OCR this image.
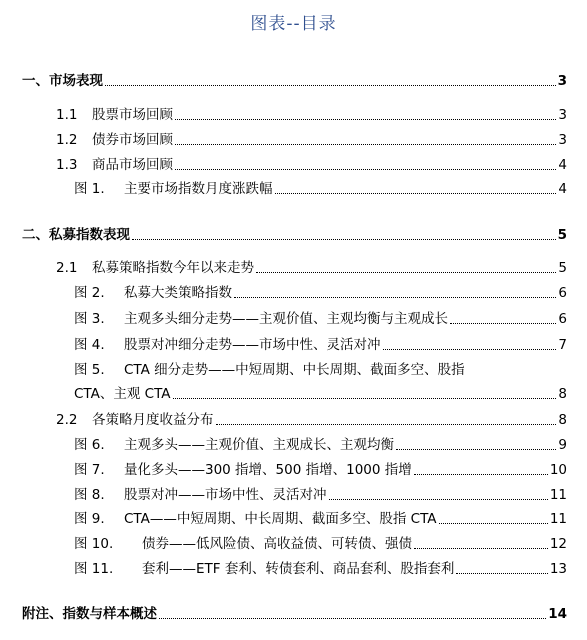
图表--目录
一、市场表现	3
1.1 股票市场回顾	3
1.2 债券市场回顾	3
1.3 商品市场回顾	4
图 1. 主要市场指数月度涨跌幅	4
二、私募指数表现	5
2.1 私募策略指数今年以来走势	5
图 2. 私募大类策略指数	6
图 3. 主观多头细分走势——主观价值、主观均衡与主观成长	6
图 4. 股票对冲细分走势——市场中性、灵活对冲	7
图 5. CTA 细分走势——中短周期、中长周期、截面多空、股指
CTA、主观 CTA	8
2.2 各策略月度收益分布	8
图 6. 主观多头——主观价值、主观成长、主观均衡	9
图 7. 量化多头——300 指增、500 指增、1000 指增	10
图 8. 股票对冲——市场中性、灵活对冲	11
图 9. CTA——中短周期、中长周期、截面多空、股指 CTA	11
图 10. 债券——低风险债、高收益债、可转债、强债	12
图 11. 套利——ETF 套利、转债套利、商品套利、股指套利	13
附注、指数与样本概述	14
